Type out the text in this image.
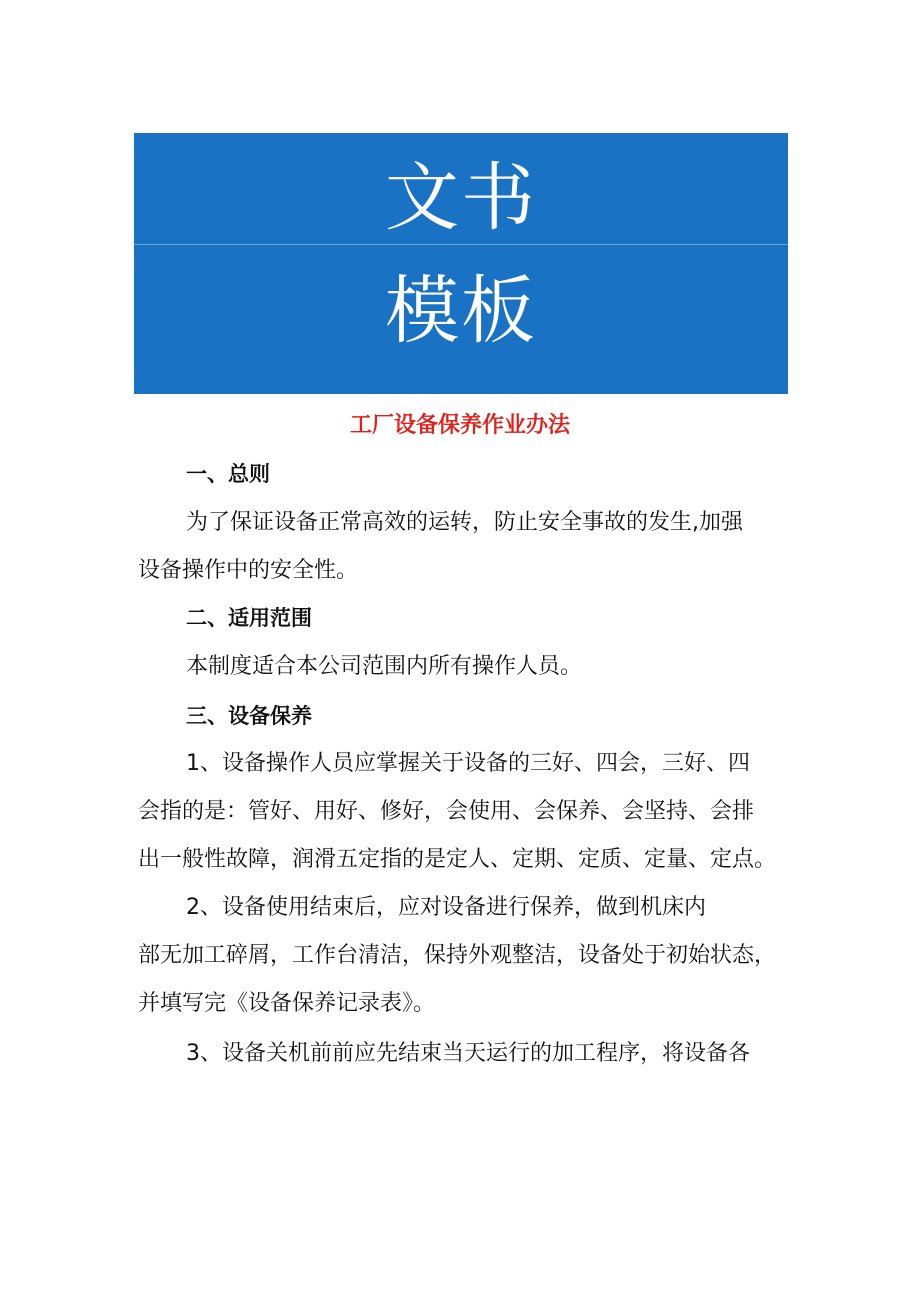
文书
模板
工厂设备保养作业办法
一、总则
为了保证设备正常高效的运转，防止安全事故的发生,加强
设备操作中的安全性。
二、适用范围
本制度适合本公司范围内所有操作人员。
三、设备保养
1、设备操作人员应掌握关于设备的三好、四会，三好、四
会指的是：管好、用好、修好，会使用、会保养、会坚持、会排
出一般性故障，润滑五定指的是定人、定期、定质、定量、定点。
2、设备使用结束后，应对设备进行保养，做到机床内
部无加工碎屑，工作台清洁，保持外观整洁，设备处于初始状态，
并填写完《设备保养记录表》。
3、设备关机前前应先结束当天运行的加工程序，将设备各
